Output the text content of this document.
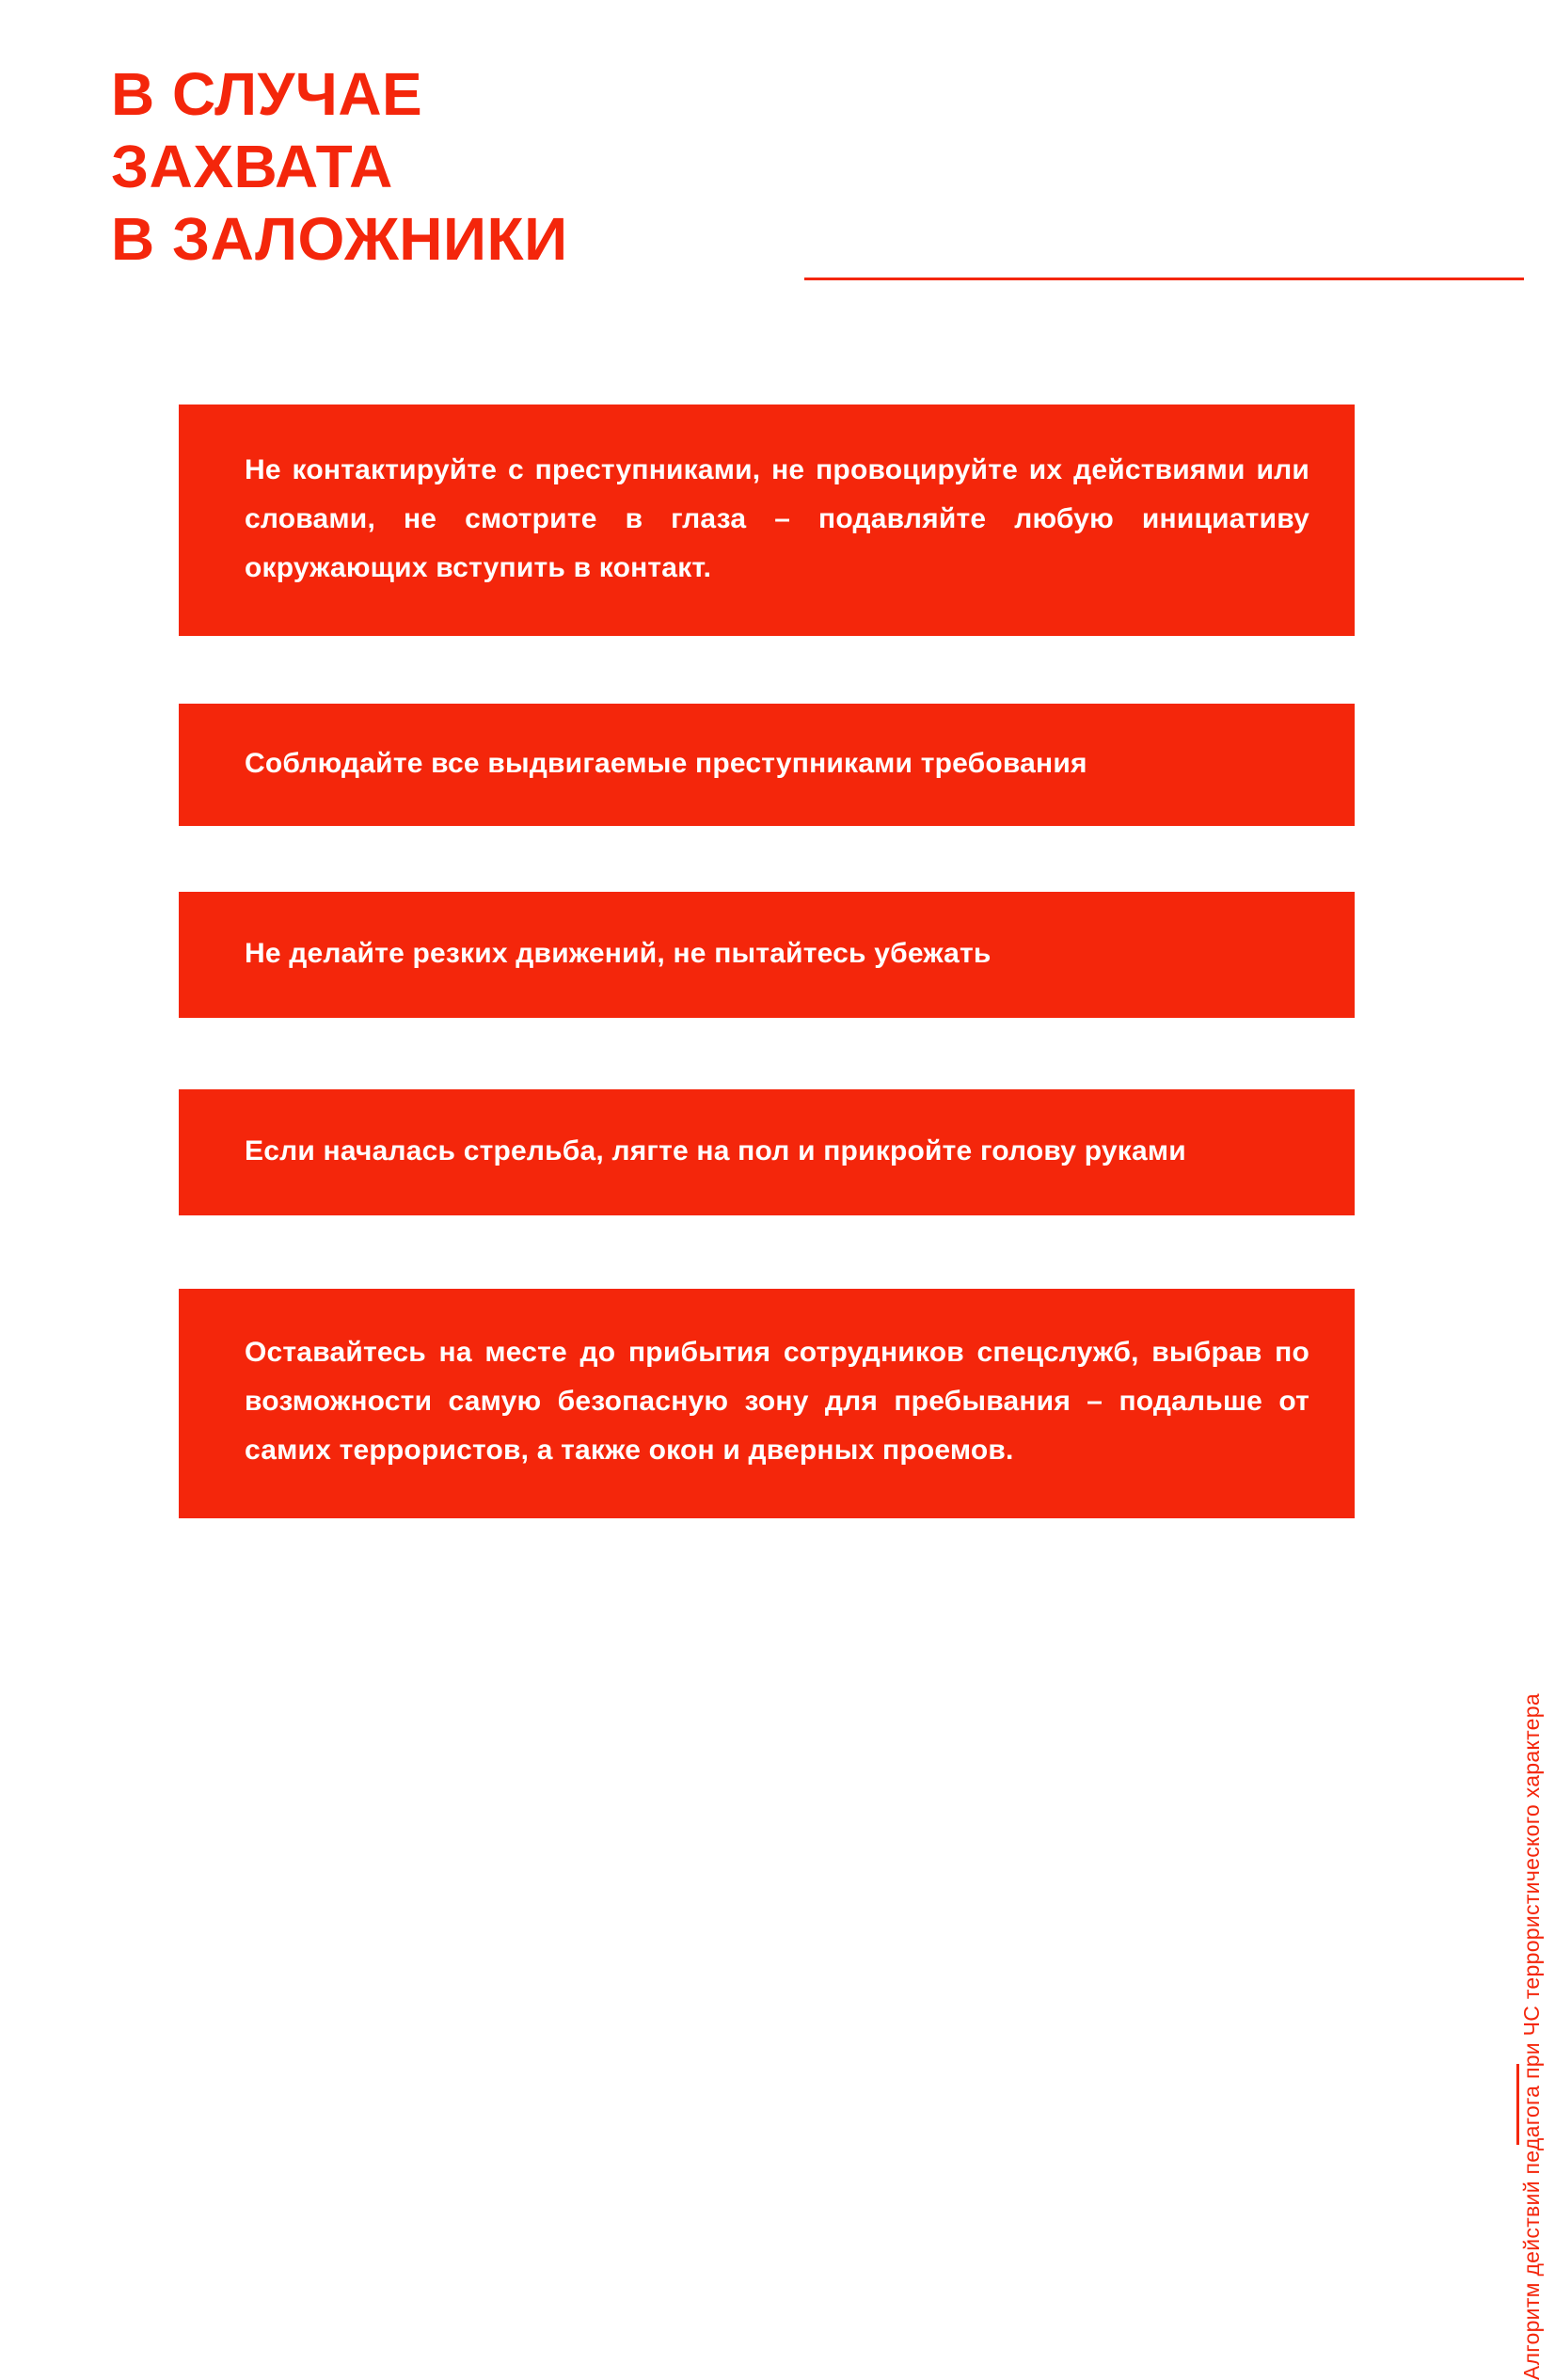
В СЛУЧАЕ
ЗАХВАТА
В ЗАЛОЖНИКИ

Не контактируйте с преступниками, не провоцируйте их действиями или словами, не смотрите в глаза – подавляйте любую инициативу окружающих вступить в контакт.

Соблюдайте все выдвигаемые преступниками требования

Не делайте резких движений, не пытайтесь убежать

Если началась стрельба, лягте на пол и прикройте голову руками

Оставайтесь на месте до прибытия сотрудников спецслужб, выбрав по возможности самую безопасную зону для пребывания – подальше от самих террористов, а также окон и дверных проемов.

Алгоритм действий педагога при ЧС террористического характера
